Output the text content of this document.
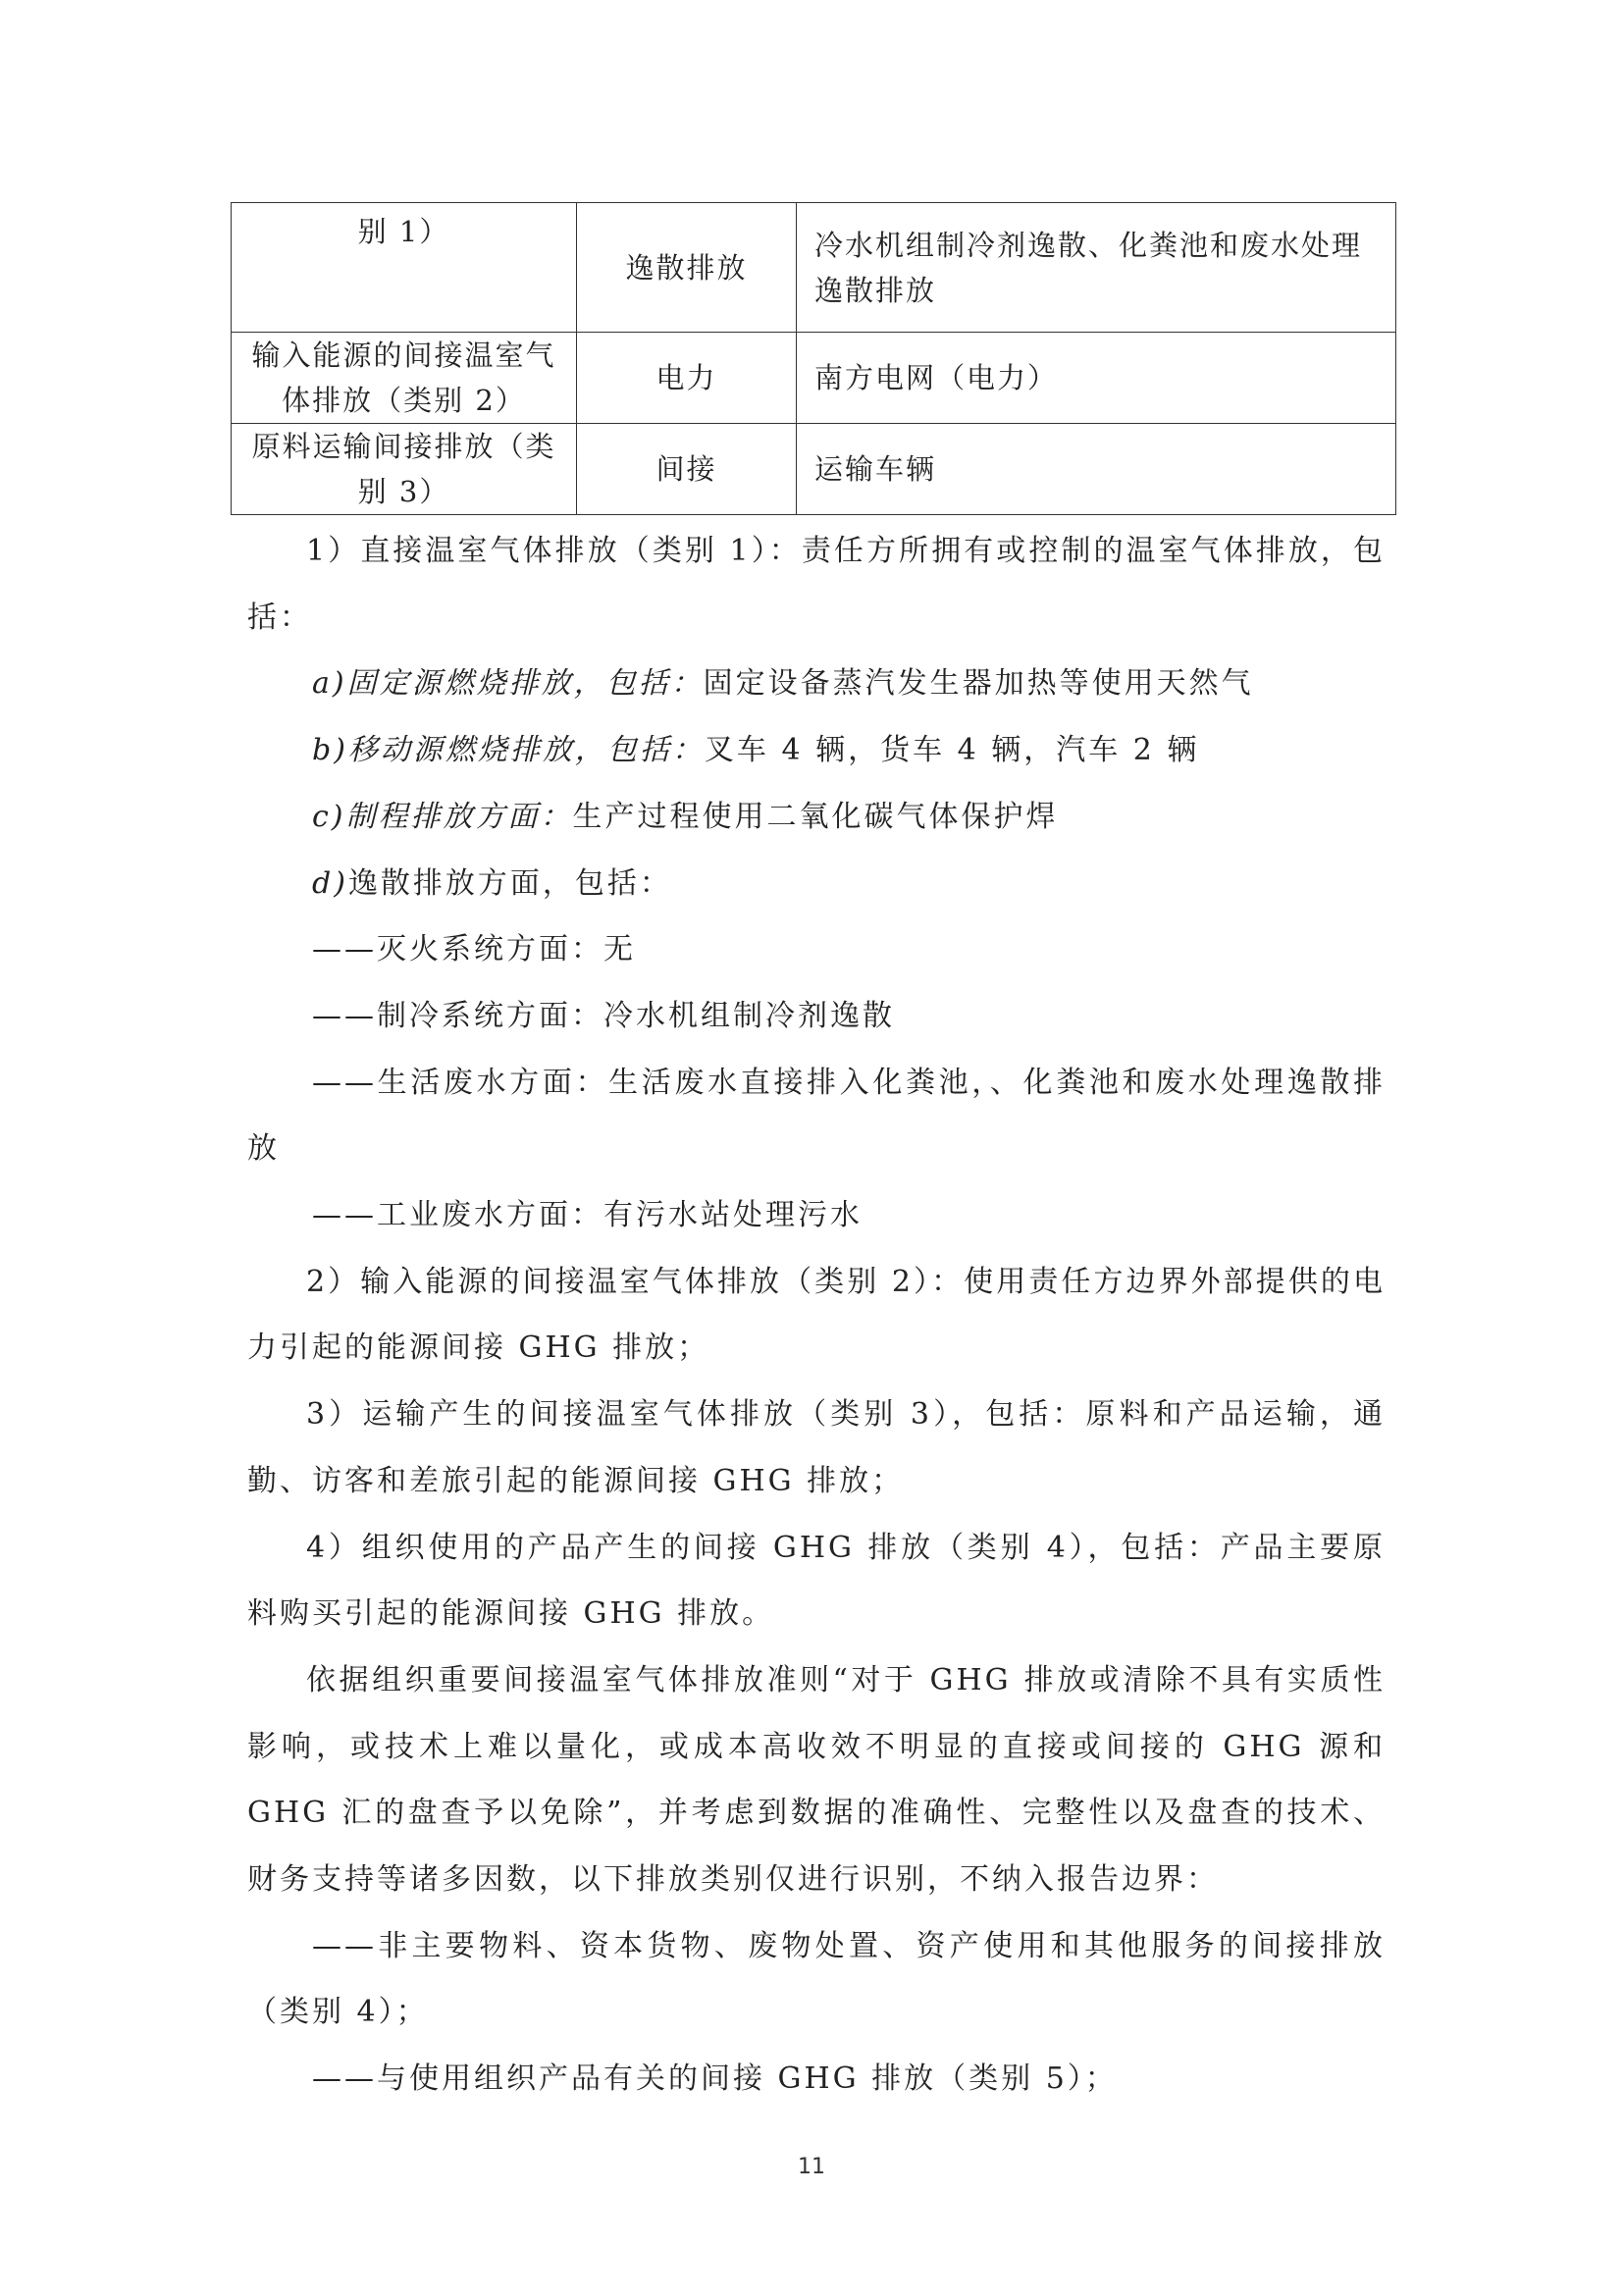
别 1）	逸散排放	冷水机组制冷剂逸散、化粪池和废水处理逸散排放
输入能源的间接温室气体排放（类别 2）	电力	南方电网（电力）
原料运输间接排放（类别 3）	间接	运输车辆

1）直接温室气体排放（类别 1）：责任方所拥有或控制的温室气体排放，包括：

a)固定源燃烧排放，包括：固定设备蒸汽发生器加热等使用天然气

b)移动源燃烧排放，包括：叉车 4 辆，货车 4 辆，汽车 2 辆

c)制程排放方面：生产过程使用二氧化碳气体保护焊

d)逸散排放方面，包括：

——灭火系统方面：无

——制冷系统方面：冷水机组制冷剂逸散

——生活废水方面：生活废水直接排入化粪池，、化粪池和废水处理逸散排放

——工业废水方面：有污水站处理污水

2）输入能源的间接温室气体排放（类别 2）：使用责任方边界外部提供的电力引起的能源间接 GHG 排放；

3）运输产生的间接温室气体排放（类别 3），包括：原料和产品运输，通勤、访客和差旅引起的能源间接 GHG 排放；

4）组织使用的产品产生的间接 GHG 排放（类别 4），包括：产品主要原料购买引起的能源间接 GHG 排放。

依据组织重要间接温室气体排放准则“对于 GHG 排放或清除不具有实质性影响，或技术上难以量化，或成本高收效不明显的直接或间接的 GHG 源和 GHG 汇的盘查予以免除”，并考虑到数据的准确性、完整性以及盘查的技术、财务支持等诸多因数，以下排放类别仅进行识别，不纳入报告边界：

——非主要物料、资本货物、废物处置、资产使用和其他服务的间接排放（类别 4）；

——与使用组织产品有关的间接 GHG 排放（类别 5）；

11
